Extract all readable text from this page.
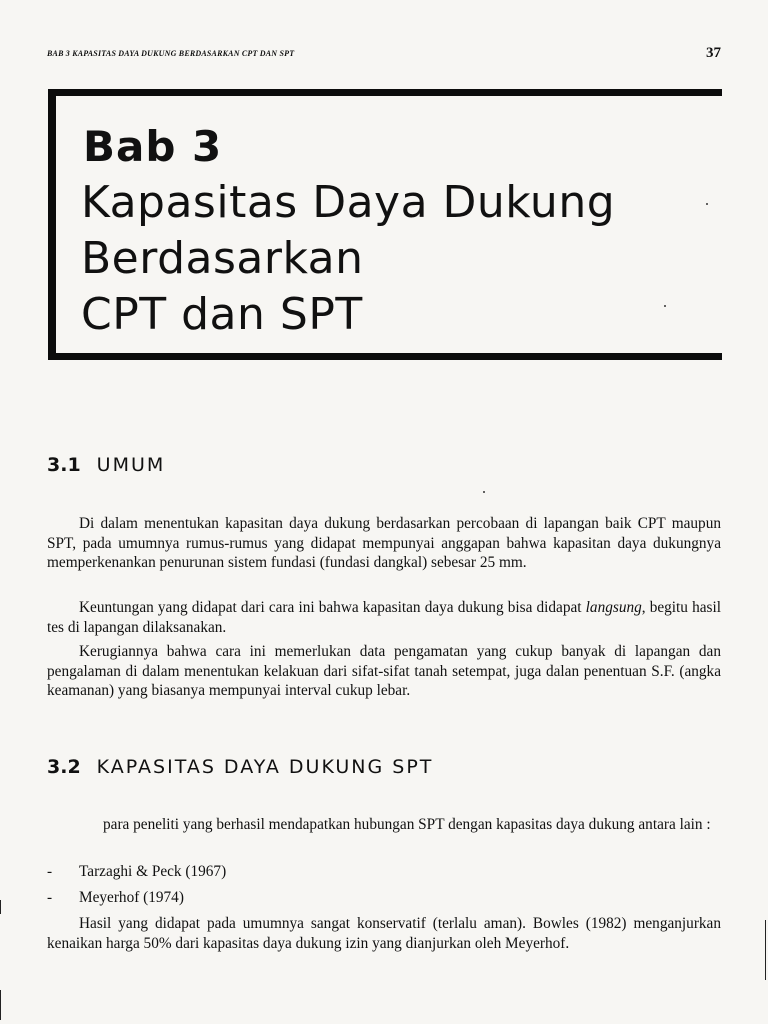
BAB 3 KAPASITAS DAYA DUKUNG BERDASARKAN CPT DAN SPT	37
Bab 3
Kapasitas Daya Dukung
Berdasarkan
CPT dan SPT
3.1 UMUM

Di dalam menentukan kapasitan daya dukung berdasarkan percobaan di lapangan baik CPT maupun SPT, pada umumnya rumus-rumus yang didapat mempunyai anggapan bahwa kapasitan daya dukungnya memperkenankan penurunan sistem fundasi (fundasi dangkal) sebesar 25 mm.

Keuntungan yang didapat dari cara ini bahwa kapasitan daya dukung bisa didapat langsung, begitu hasil tes di lapangan dilaksanakan.

Kerugiannya bahwa cara ini memerlukan data pengamatan yang cukup banyak di lapangan dan pengalaman di dalam menentukan kelakuan dari sifat-sifat tanah setempat, juga dalan penentuan S.F. (angka keamanan) yang biasanya mempunyai interval cukup lebar.

3.2 KAPASITAS DAYA DUKUNG SPT

para peneliti yang berhasil mendapatkan hubungan SPT dengan kapasitas daya dukung antara lain :

- Tarzaghi & Peck (1967)
- Meyerhof (1974)

Hasil yang didapat pada umumnya sangat konservatif (terlalu aman). Bowles (1982) menganjurkan kenaikan harga 50% dari kapasitas daya dukung izin yang dianjurkan oleh Meyerhof.
